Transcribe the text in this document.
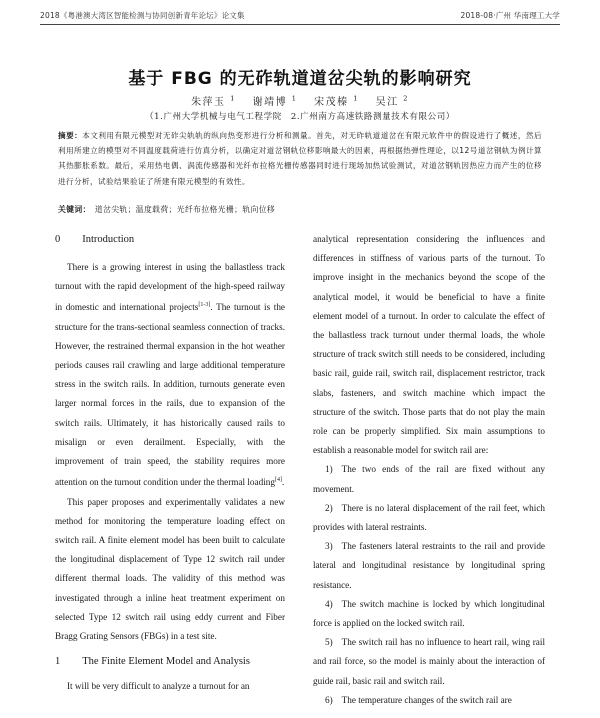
2018《粤港澳大湾区智能检测与协同创新青年论坛》论文集	2018-08·广州 华南理工大学
基于 FBG 的无砟轨道道岔尖轨的影响研究
朱萍玉 $^1$ 谢靖博 $^1$ 宋茂榛 $^1$ 吴江 $^2$
（1.广州大学机械与电气工程学院　2.广州南方高速铁路测量技术有限公司）
摘要：本文利用有限元模型对无砟尖轨轨的纵向热变形进行分析和测量。首先，对无砟轨道道岔在有限元软件中的假设进行了概述，然后利用所建立的模型对不同温度载荷进行仿真分析，以确定对道岔钢轨位移影响最大的因素，再根据热弹性理论，以12号道岔钢轨为例计算其热膨胀系数。最后，采用热电偶、涡流传感器和光纤布拉格光栅传感器同时进行现场加热试验测试，对道岔钢轨因热应力而产生的位移进行分析，试验结果验证了所建有限元模型的有效性。
关键词： 道岔尖轨；温度载荷；光纤布拉格光栅；轨向位移
0 Introduction

There is a growing interest in using the ballastless track turnout with the rapid development of the high-speed railway in domestic and international projects[1-3]. The turnout is the structure for the trans-sectional seamless connection of tracks. However, the restrained thermal expansion in the hot weather periods causes rail crawling and large additional temperature stress in the switch rails. In addition, turnouts generate even larger normal forces in the rails, due to expansion of the switch rails. Ultimately, it has historically caused rails to misalign or even derailment. Especially, with the improvement of train speed, the stability requires more attention on the turnout condition under the thermal loading[4].

This paper proposes and experimentally validates a new method for monitoring the temperature loading effect on switch rail. A finite element model has been built to calculate the longitudinal displacement of Type 12 switch rail under different thermal loads. The validity of this method was investigated through a inline heat treatment experiment on selected Type 12 switch rail using eddy current and Fiber Bragg Grating Sensors (FBGs) in a test site.

1 The Finite Element Model and Analysis

It will be very difficult to analyze a turnout for an

analytical representation considering the influences and differences in stiffness of various parts of the turnout. To improve insight in the mechanics beyond the scope of the analytical model, it would be beneficial to have a finite element model of a turnout. In order to calculate the effect of the ballastless track turnout under thermal loads, the whole structure of track switch still needs to be considered, including basic rail, guide rail, switch rail, displacement restrictor, track slabs, fasteners, and switch machine which impact the structure of the switch. Those parts that do not play the main role can be properly simplified. Six main assumptions to establish a reasonable model for switch rail are:

1) The two ends of the rail are fixed without any movement.
2) There is no lateral displacement of the rail feet, which provides with lateral restraints.
3) The fasteners lateral restraints to the rail and provide lateral and longitudinal resistance by longitudinal spring resistance.
4) The switch machine is locked by which longitudinal force is applied on the locked switch rail.
5) The switch rail has no influence to heart rail, wing rail and rail force, so the model is mainly about the interaction of guide rail, basic rail and switch rail.
6) The temperature changes of the switch rail are
